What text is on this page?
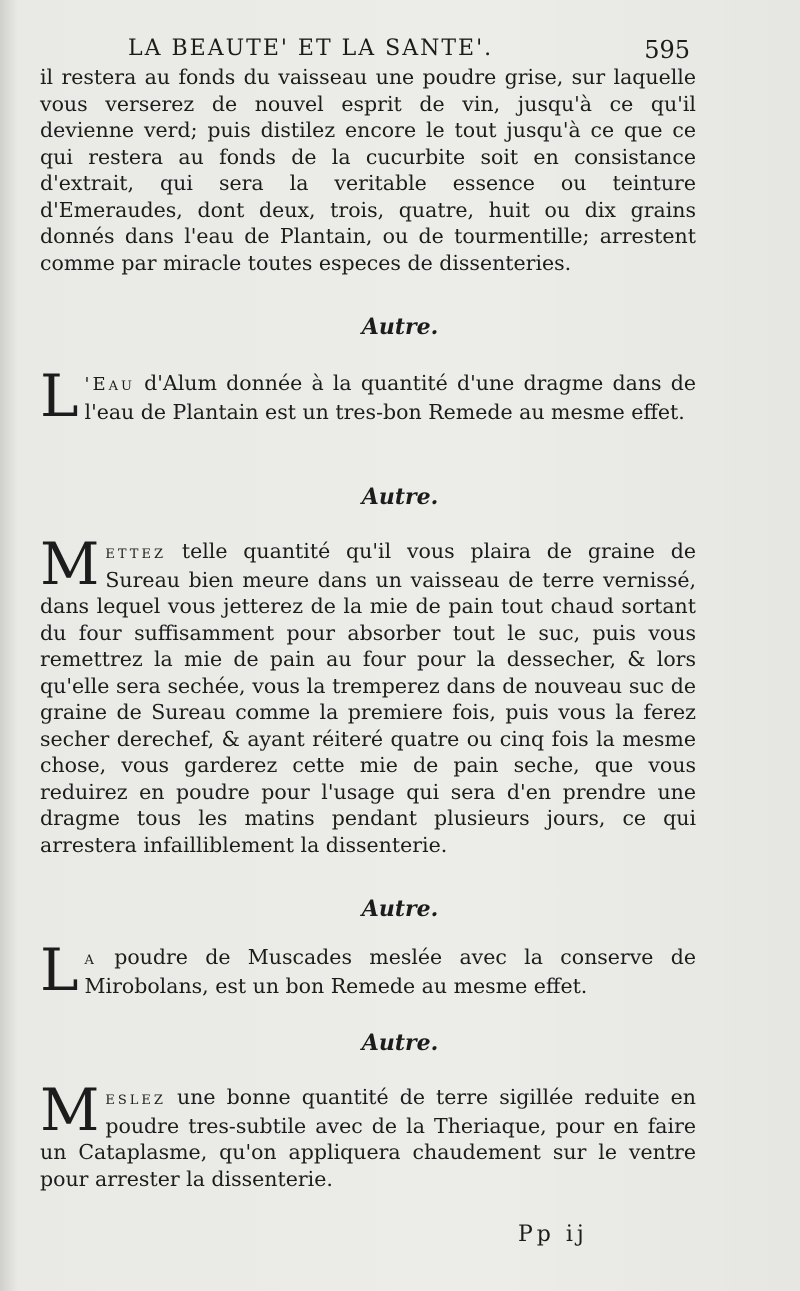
LA BEAUTE' ET LA SANTE'.	595

il restera au fonds du vaisseau une poudre grise, sur laquelle vous verserez de nouvel esprit de vin, jusqu'à ce qu'il devienne verd; puis distilez encore le tout jusqu'à ce que ce qui restera au fonds de la cucurbite soit en consistance d'extrait, qui sera la veritable essence ou teinture d'Emeraudes, dont deux, trois, quatre, huit ou dix grains donnés dans l'eau de Plantain, ou de tourmentille; arrestent comme par miracle toutes especes de dissenteries.

Autre.

L 'Eau d'Alum donnée à la quantité d'une dragme dans de l'eau de Plantain est un tres-bon Remede au mesme effet.

Autre.

Mettez telle quantité qu'il vous plaira de graine de Sureau bien meure dans un vaisseau de terre vernissé, dans lequel vous jetterez de la mie de pain tout chaud sortant du four suffisamment pour absorber tout le suc, puis vous remettrez la mie de pain au four pour la dessecher, & lors qu'elle sera sechée, vous la tremperez dans de nouveau suc de graine de Sureau comme la premiere fois, puis vous la ferez secher derechef, & ayant réiteré quatre ou cinq fois la mesme chose, vous garderez cette mie de pain seche, que vous reduirez en poudre pour l'usage qui sera d'en prendre une dragme tous les matins pendant plusieurs jours, ce qui arrestera infailliblement la dissenterie.

Autre.

La poudre de Muscades meslée avec la conserve de Mirobolans, est un bon Remede au mesme effet.

Autre.

Meslez une bonne quantité de terre sigillée reduite en poudre tres-subtile avec de la Theriaque, pour en faire un Cataplasme, qu'on appliquera chaudement sur le ventre pour arrester la dissenterie.

Pp ij
